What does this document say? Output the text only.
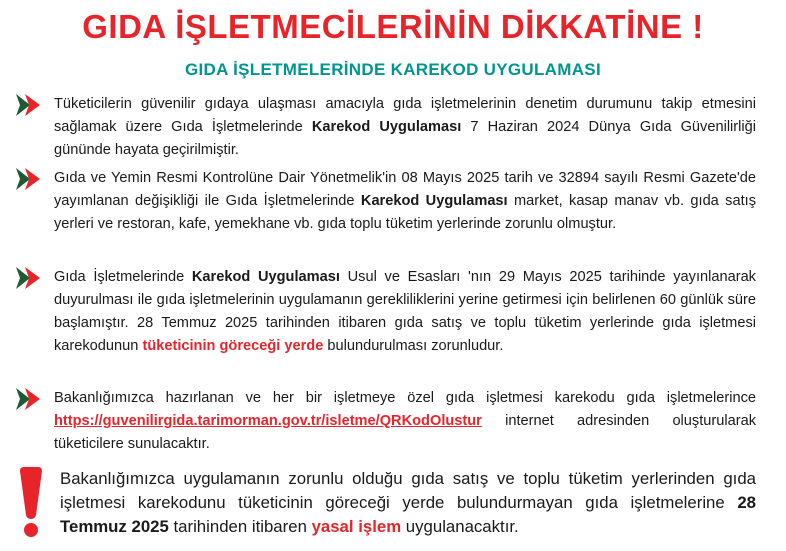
GIDA İŞLETMECİLERİNİN DİKKATİNE !
GIDA İŞLETMELERİNDE KAREKOD UYGULAMASI
Tüketicilerin güvenilir gıdaya ulaşması amacıyla gıda işletmelerinin denetim durumunu takip etmesini sağlamak üzere Gıda İşletmelerinde Karekod Uygulaması 7 Haziran 2024 Dünya Gıda Güvenilirliği gününde hayata geçirilmiştir.
Gıda ve Yemin Resmi Kontrolüne Dair Yönetmelik'in 08 Mayıs 2025 tarih ve 32894 sayılı Resmi Gazete'de yayımlanan değişikliği ile Gıda İşletmelerinde Karekod Uygulaması market, kasap manav vb. gıda satış yerleri ve restoran, kafe, yemekhane vb. gıda toplu tüketim yerlerinde zorunlu olmuştur.
Gıda İşletmelerinde Karekod Uygulaması Usul ve Esasları 'nın 29 Mayıs 2025 tarihinde yayınlanarak duyurulması ile gıda işletmelerinin uygulamanın gerekliliklerini yerine getirmesi için belirlenen 60 günlük süre başlamıştır. 28 Temmuz 2025 tarihinden itibaren gıda satış ve toplu tüketim yerlerinde gıda işletmesi karekodunun tüketicinin göreceği yerde bulundurulması zorunludur.
Bakanlığımızca hazırlanan ve her bir işletmeye özel gıda işletmesi karekodu gıda işletmelerince https://guvenilirgida.tarimorman.gov.tr/isletme/QRKodOlustur internet adresinden oluşturularak tüketicilere sunulacaktır.
Bakanlığımızca uygulamanın zorunlu olduğu gıda satış ve toplu tüketim yerlerinden gıda işletmesi karekodunu tüketicinin göreceği yerde bulundurmayan gıda işletmelerine 28 Temmuz 2025 tarihinden itibaren yasal işlem uygulanacaktır.
